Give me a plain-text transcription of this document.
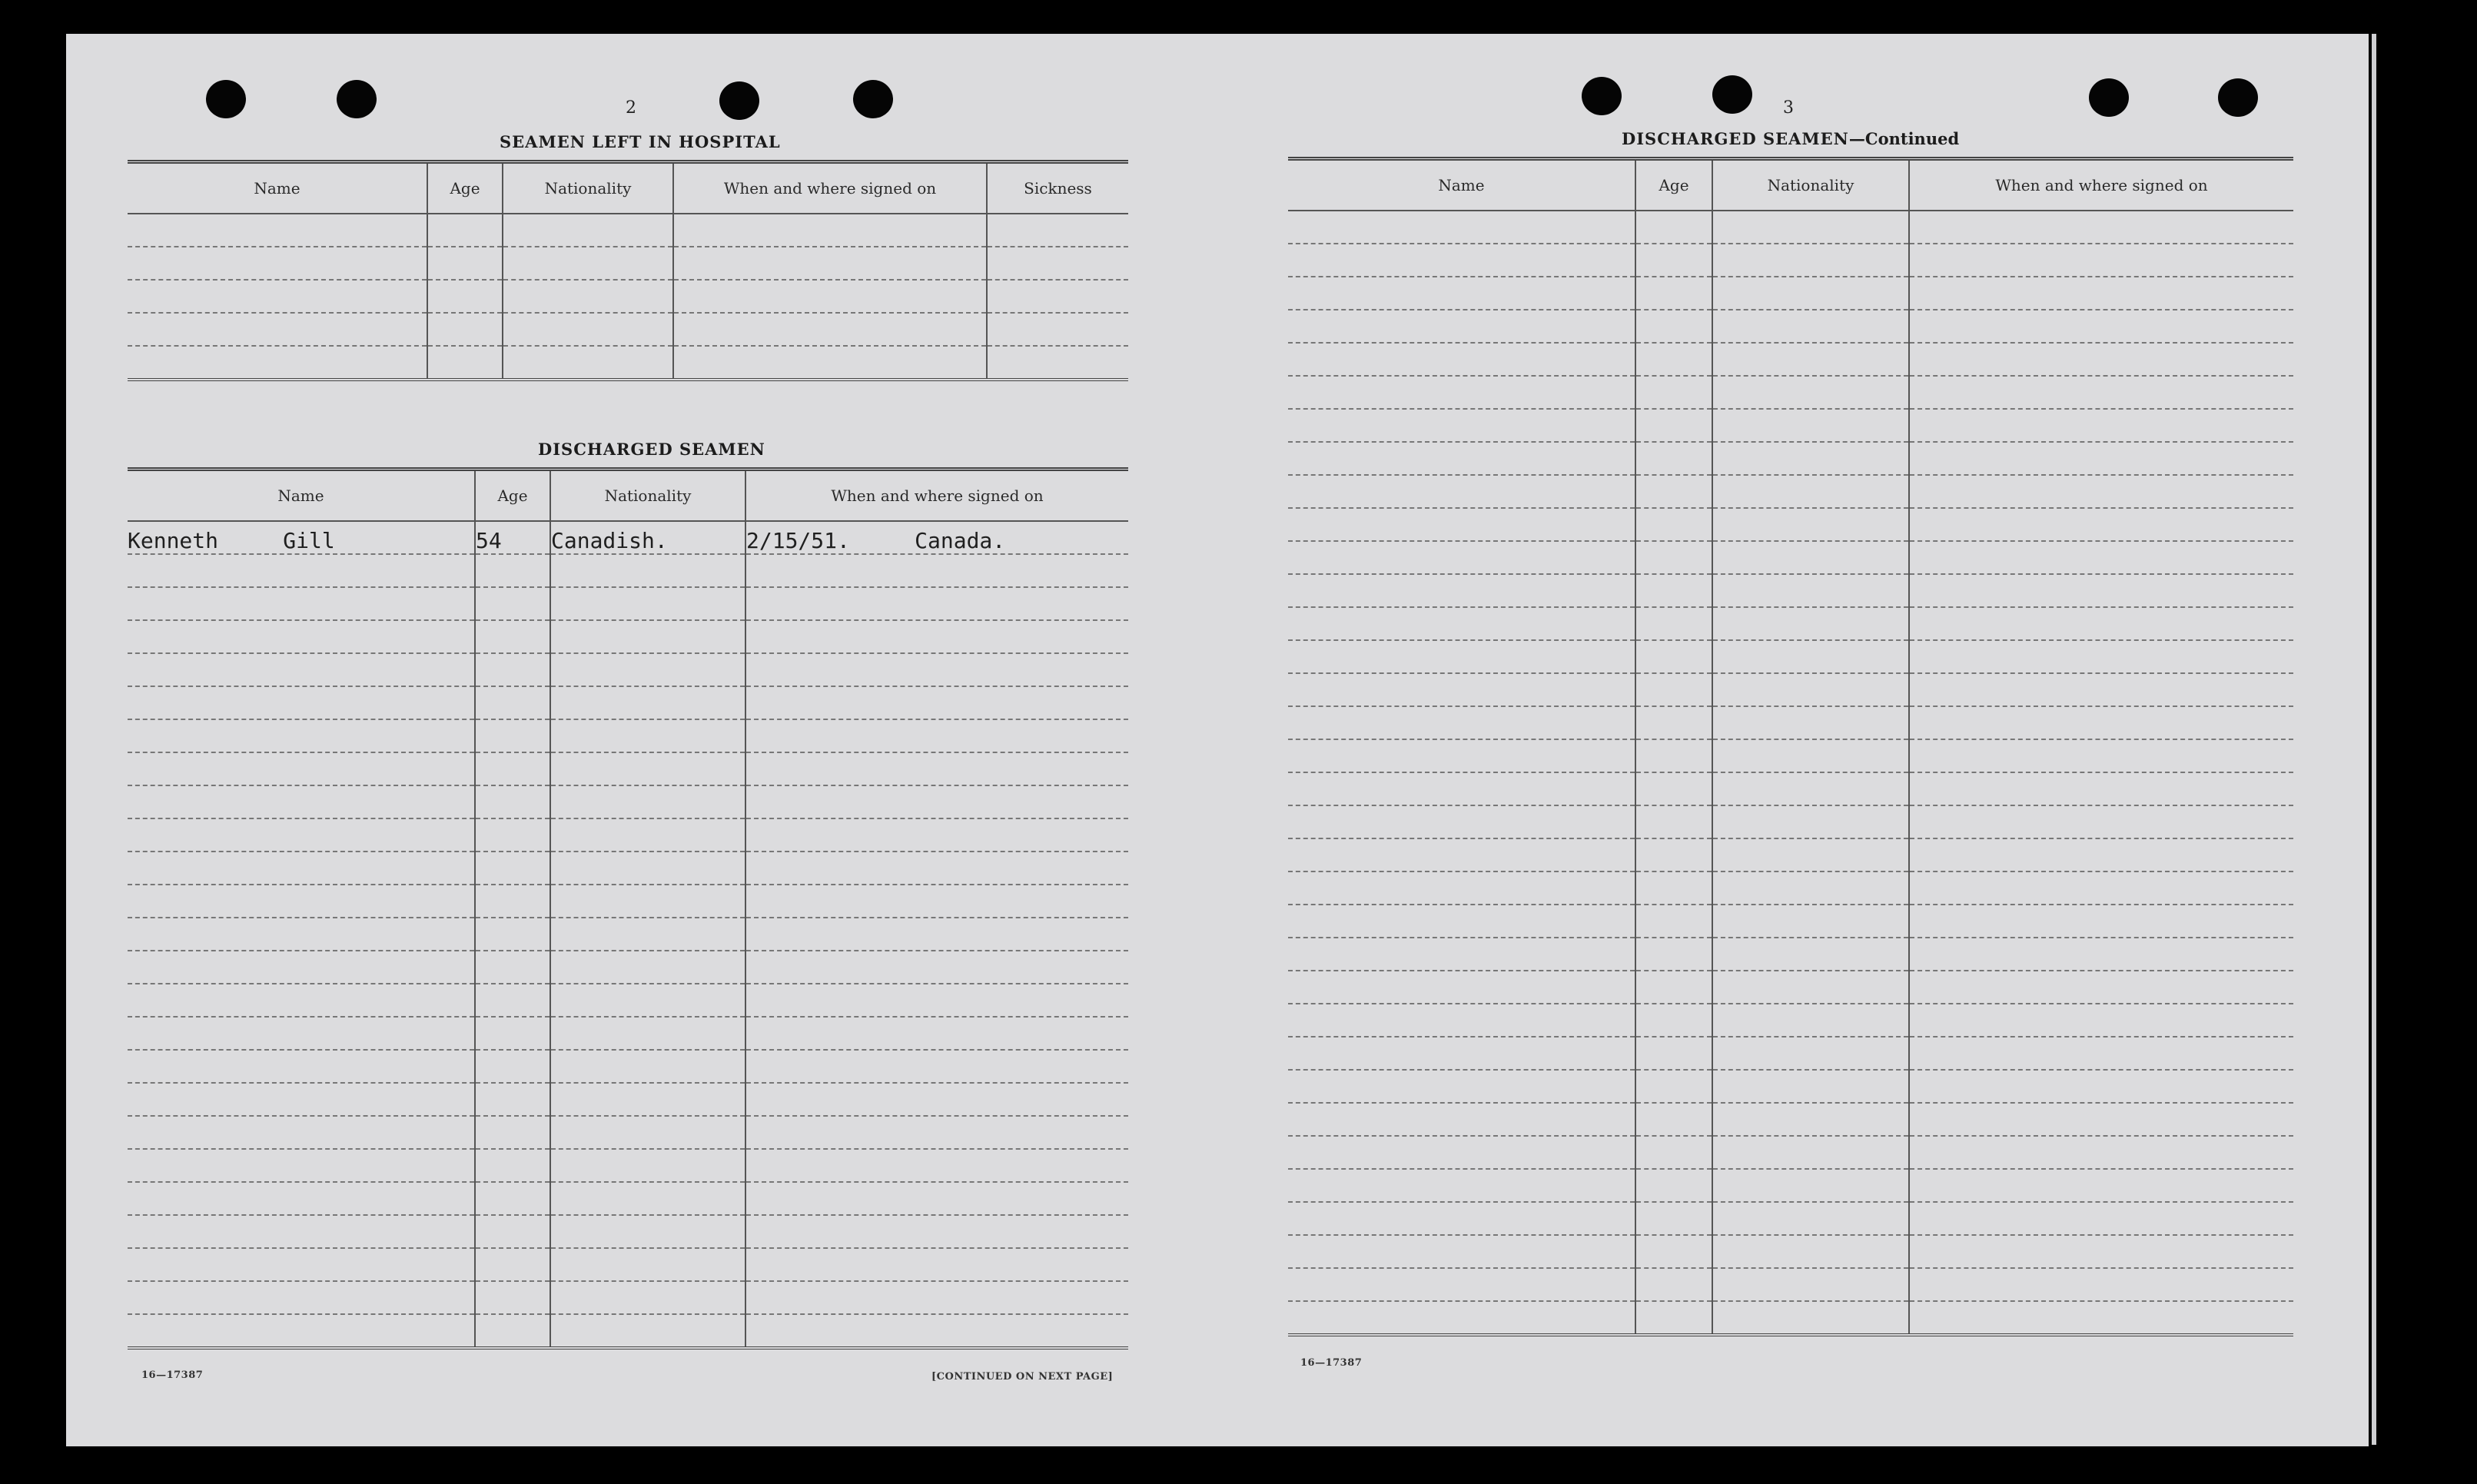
2
SEAMEN LEFT IN HOSPITAL
Name	Age	Nationality	When and where signed on	Sickness

DISCHARGED SEAMEN
Name	Age	Nationality	When and where signed on
Kenneth     Gill	54	Canadish.	2/15/51.     Canada.

16—17387	[CONTINUED ON NEXT PAGE]
3
DISCHARGED SEAMEN—Continued
Name	Age	Nationality	When and where signed on

16—17387
